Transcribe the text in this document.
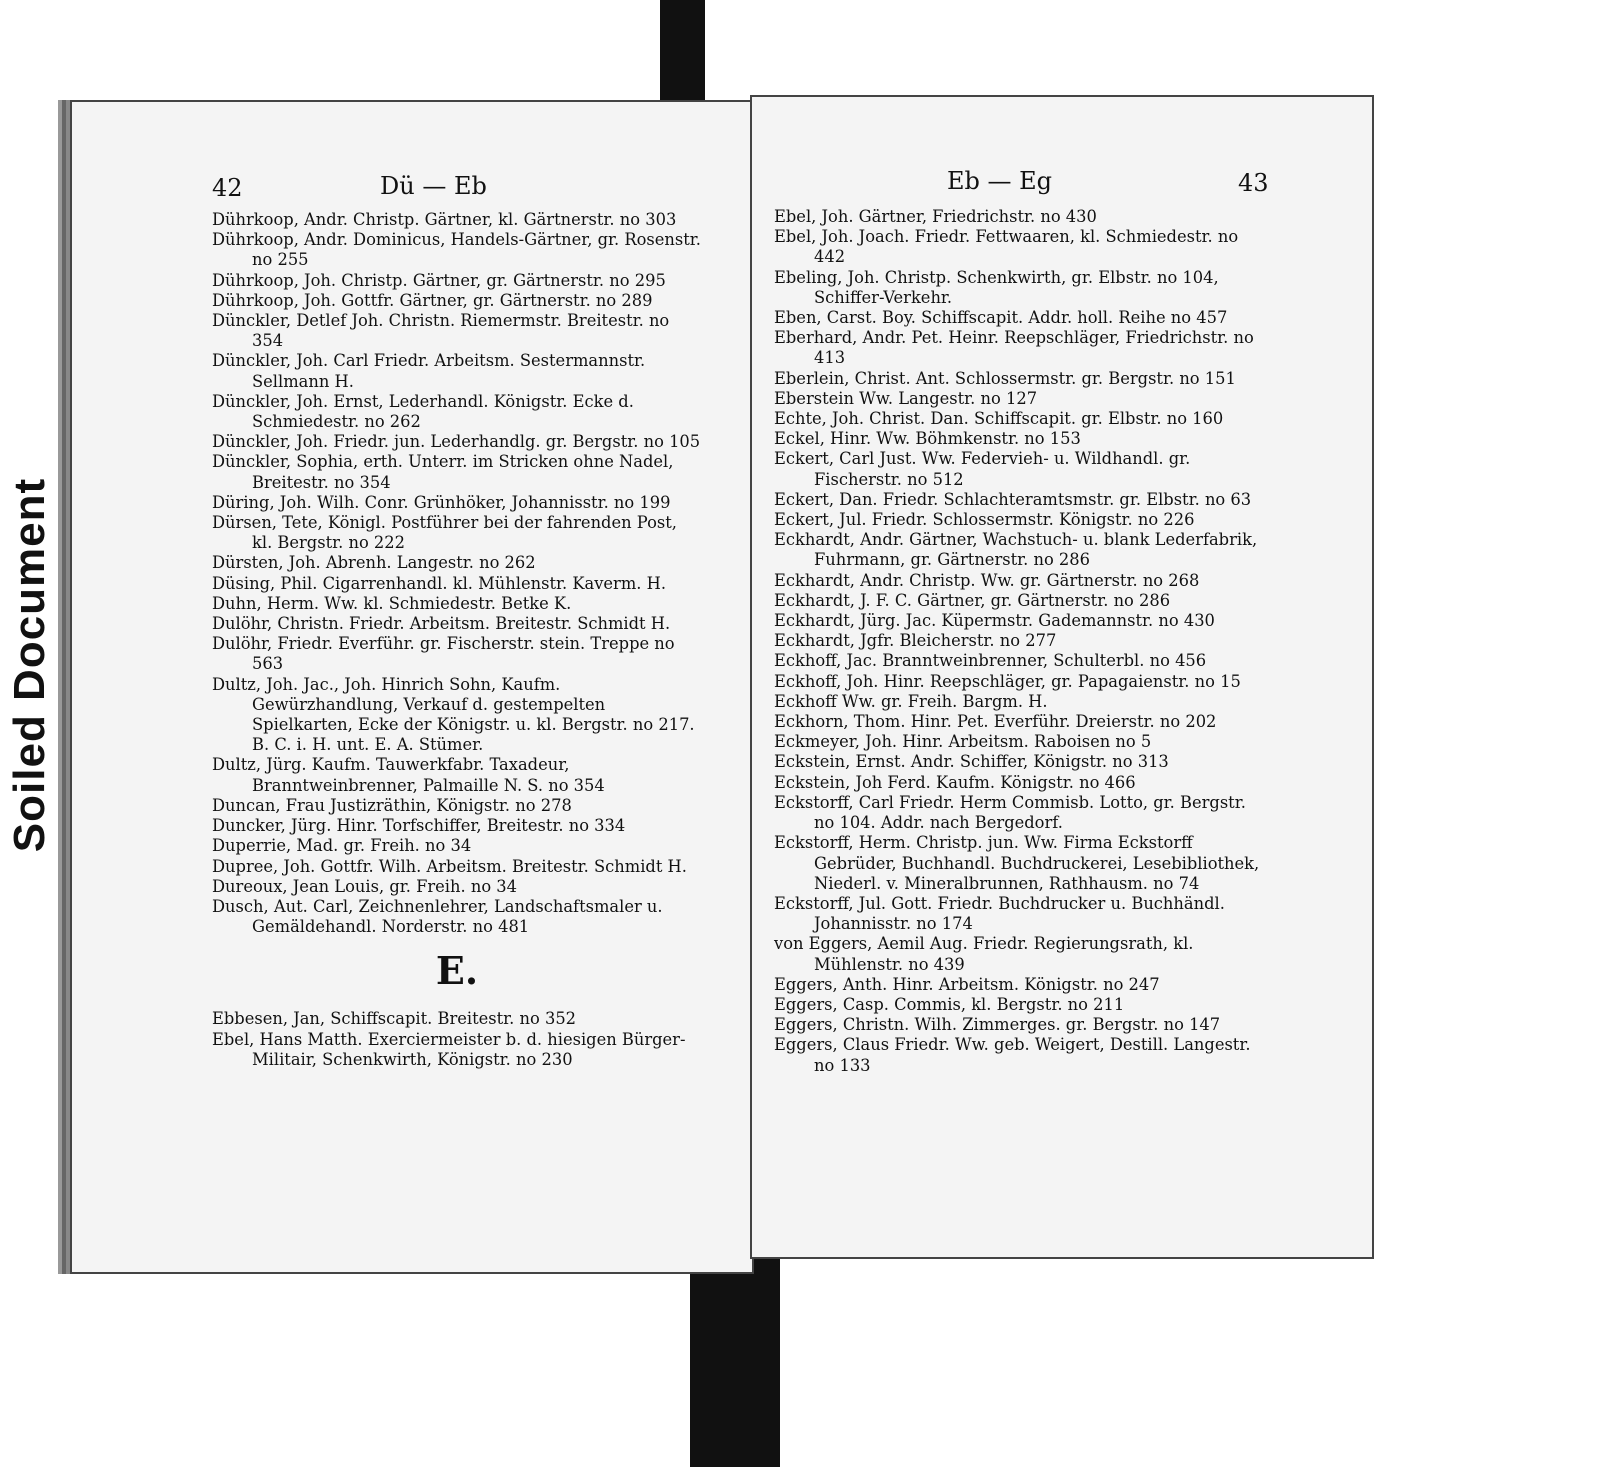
Soiled Document
42	Dü — Eb

Dührkoop, Andr. Christp. Gärtner, kl. Gärtnerstr. no 303

Dührkoop, Andr. Dominicus, Handels-Gärtner, gr. Rosenstr. no 255

Dührkoop, Joh. Christp. Gärtner, gr. Gärtnerstr. no 295

Dührkoop, Joh. Gottfr. Gärtner, gr. Gärtnerstr. no 289

Dünckler, Detlef Joh. Christn. Riemermstr. Breitestr. no 354

Dünckler, Joh. Carl Friedr. Arbeitsm. Sestermannstr. Sellmann H.

Dünckler, Joh. Ernst, Lederhandl. Königstr. Ecke d. Schmiedestr. no 262

Dünckler, Joh. Friedr. jun. Lederhandlg. gr. Bergstr. no 105

Dünckler, Sophia, erth. Unterr. im Stricken ohne Nadel, Breitestr. no 354

Düring, Joh. Wilh. Conr. Grünhöker, Johannisstr. no 199

Dürsen, Tete, Königl. Postführer bei der fahrenden Post, kl. Bergstr. no 222

Dürsten, Joh. Abrenh. Langestr. no 262

Düsing, Phil. Cigarrenhandl. kl. Mühlenstr. Kaverm. H.

Duhn, Herm. Ww. kl. Schmiedestr. Betke K.

Dulöhr, Christn. Friedr. Arbeitsm. Breitestr. Schmidt H.

Dulöhr, Friedr. Everführ. gr. Fischerstr. stein. Treppe no 563

Dultz, Joh. Jac., Joh. Hinrich Sohn, Kaufm. Gewürzhandlung, Verkauf d. gestempelten Spielkarten, Ecke der Königstr. u. kl. Bergstr. no 217. B. C. i. H. unt. E. A. Stümer.

Dultz, Jürg. Kaufm. Tauwerkfabr. Taxadeur, Branntweinbrenner, Palmaille N. S. no 354

Duncan, Frau Justizräthin, Königstr. no 278

Duncker, Jürg. Hinr. Torfschiffer, Breitestr. no 334

Duperrie, Mad. gr. Freih. no 34

Dupree, Joh. Gottfr. Wilh. Arbeitsm. Breitestr. Schmidt H.

Dureoux, Jean Louis, gr. Freih. no 34

Dusch, Aut. Carl, Zeichnenlehrer, Landschaftsmaler u. Gemäldehandl. Norderstr. no 481

E.

Ebbesen, Jan, Schiffscapit. Breitestr. no 352

Ebel, Hans Matth. Exerciermeister b. d. hiesigen Bürger-Militair, Schenkwirth, Königstr. no 230

Eb — Eg	43

Ebel, Joh. Gärtner, Friedrichstr. no 430

Ebel, Joh. Joach. Friedr. Fettwaaren, kl. Schmiedestr. no 442

Ebeling, Joh. Christp. Schenkwirth, gr. Elbstr. no 104, Schiffer-Verkehr.

Eben, Carst. Boy. Schiffscapit. Addr. holl. Reihe no 457

Eberhard, Andr. Pet. Heinr. Reepschläger, Friedrichstr. no 413

Eberlein, Christ. Ant. Schlossermstr. gr. Bergstr. no 151

Eberstein Ww. Langestr. no 127

Echte, Joh. Christ. Dan. Schiffscapit. gr. Elbstr. no 160

Eckel, Hinr. Ww. Böhmkenstr. no 153

Eckert, Carl Just. Ww. Federvieh- u. Wildhandl. gr. Fischerstr. no 512

Eckert, Dan. Friedr. Schlachteramtsmstr. gr. Elbstr. no 63

Eckert, Jul. Friedr. Schlossermstr. Königstr. no 226

Eckhardt, Andr. Gärtner, Wachstuch- u. blank Lederfabrik, Fuhrmann, gr. Gärtnerstr. no 286

Eckhardt, Andr. Christp. Ww. gr. Gärtnerstr. no 268

Eckhardt, J. F. C. Gärtner, gr. Gärtnerstr. no 286

Eckhardt, Jürg. Jac. Küpermstr. Gademannstr. no 430

Eckhardt, Jgfr. Bleicherstr. no 277

Eckhoff, Jac. Branntweinbrenner, Schulterbl. no 456

Eckhoff, Joh. Hinr. Reepschläger, gr. Papagaienstr. no 15

Eckhoff Ww. gr. Freih. Bargm. H.

Eckhorn, Thom. Hinr. Pet. Everführ. Dreierstr. no 202

Eckmeyer, Joh. Hinr. Arbeitsm. Raboisen no 5

Eckstein, Ernst. Andr. Schiffer, Königstr. no 313

Eckstein, Joh Ferd. Kaufm. Königstr. no 466

Eckstorff, Carl Friedr. Herm Commisb. Lotto, gr. Bergstr. no 104. Addr. nach Bergedorf.

Eckstorff, Herm. Christp. jun. Ww. Firma Eckstorff Gebrüder, Buchhandl. Buchdruckerei, Lesebibliothek, Niederl. v. Mineralbrunnen, Rathhausm. no 74

Eckstorff, Jul. Gott. Friedr. Buchdrucker u. Buchhändl. Johannisstr. no 174

von Eggers, Aemil Aug. Friedr. Regierungsrath, kl. Mühlenstr. no 439

Eggers, Anth. Hinr. Arbeitsm. Königstr. no 247

Eggers, Casp. Commis, kl. Bergstr. no 211

Eggers, Christn. Wilh. Zimmerges. gr. Bergstr. no 147

Eggers, Claus Friedr. Ww. geb. Weigert, Destill. Langestr. no 133
